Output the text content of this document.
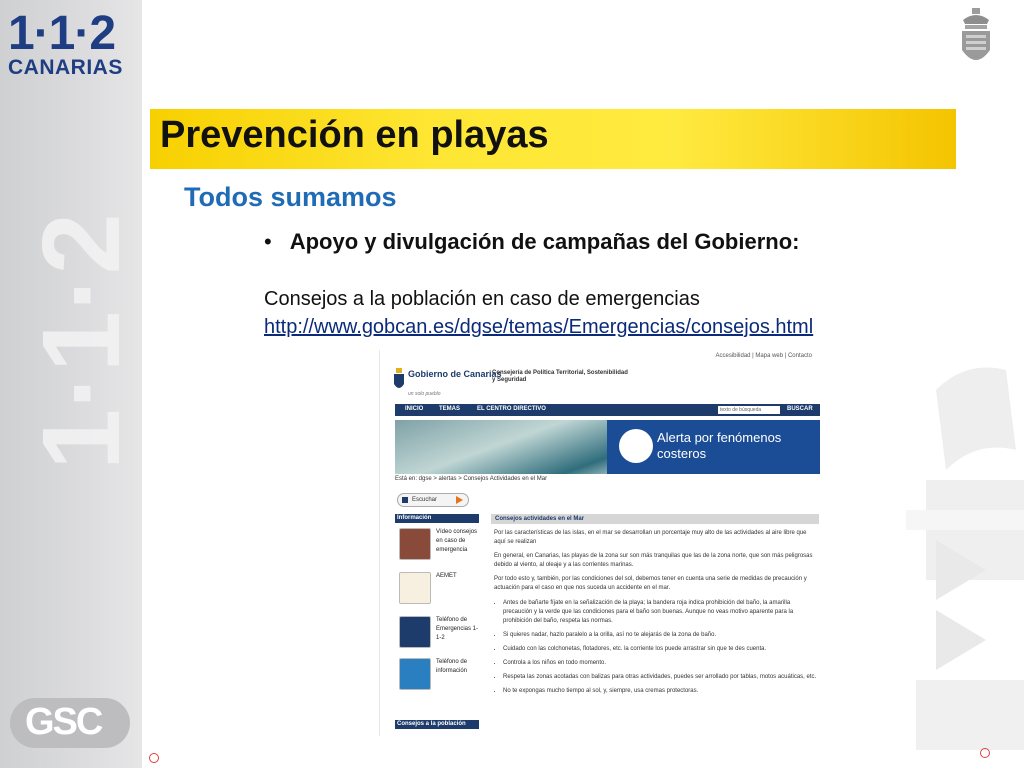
1·1·2
CANARIAS
1·1·2
GSC
Prevención en playas
Todos sumamos
• Apoyo y divulgación de campañas del Gobierno:
Consejos a la población en caso de emergencias
http://www.gobcan.es/dgse/temas/Emergencias/consejos.html
Accesibilidad | Mapa web | Contacto
Gobierno de Canarias
un solo pueblo
Consejería de Política Territorial, Sostenibilidad y Seguridad
INICIO	TEMAS	EL CENTRO DIRECTIVO	texto de búsqueda	BUSCAR
Alerta por fenómenos costeros
Está en: dgse > alertas > Consejos Actividades en el Mar
Escuchar
Información
Vídeo consejos en caso de emergencia
AEMET
Teléfono de Emergencias 1-1-2
Teléfono de información
Consejos a la población
Consejos actividades en el Mar

Por las características de las islas, en el mar se desarrollan un porcentaje muy alto de las actividades al aire libre que aquí se realizan

En general, en Canarias, las playas de la zona sur son más tranquilas que las de la zona norte, que son más peligrosas debido al viento, al oleaje y a las corrientes marinas.

Por todo esto y, también, por las condiciones del sol, debemos tener en cuenta una serie de medidas de precaución y actuación para el caso en que nos suceda un accidente en el mar.

• Antes de bañarte fíjate en la señalización de la playa; la bandera roja indica prohibición del baño, la amarilla precaución y la verde que las condiciones para el baño son buenas. Aunque no veas motivo aparente para la prohibición del baño, respeta las normas.
• Si quieres nadar, hazlo paralelo a la orilla, así no te alejarás de la zona de baño.
• Cuidado con las colchonetas, flotadores, etc. la corriente los puede arrastrar sin que te des cuenta.
• Controla a los niños en todo momento.
• Respeta las zonas acotadas con balizas para otras actividades, puedes ser arrollado por tablas, motos acuáticas, etc.
• No te expongas mucho tiempo al sol, y, siempre, usa cremas protectoras.
